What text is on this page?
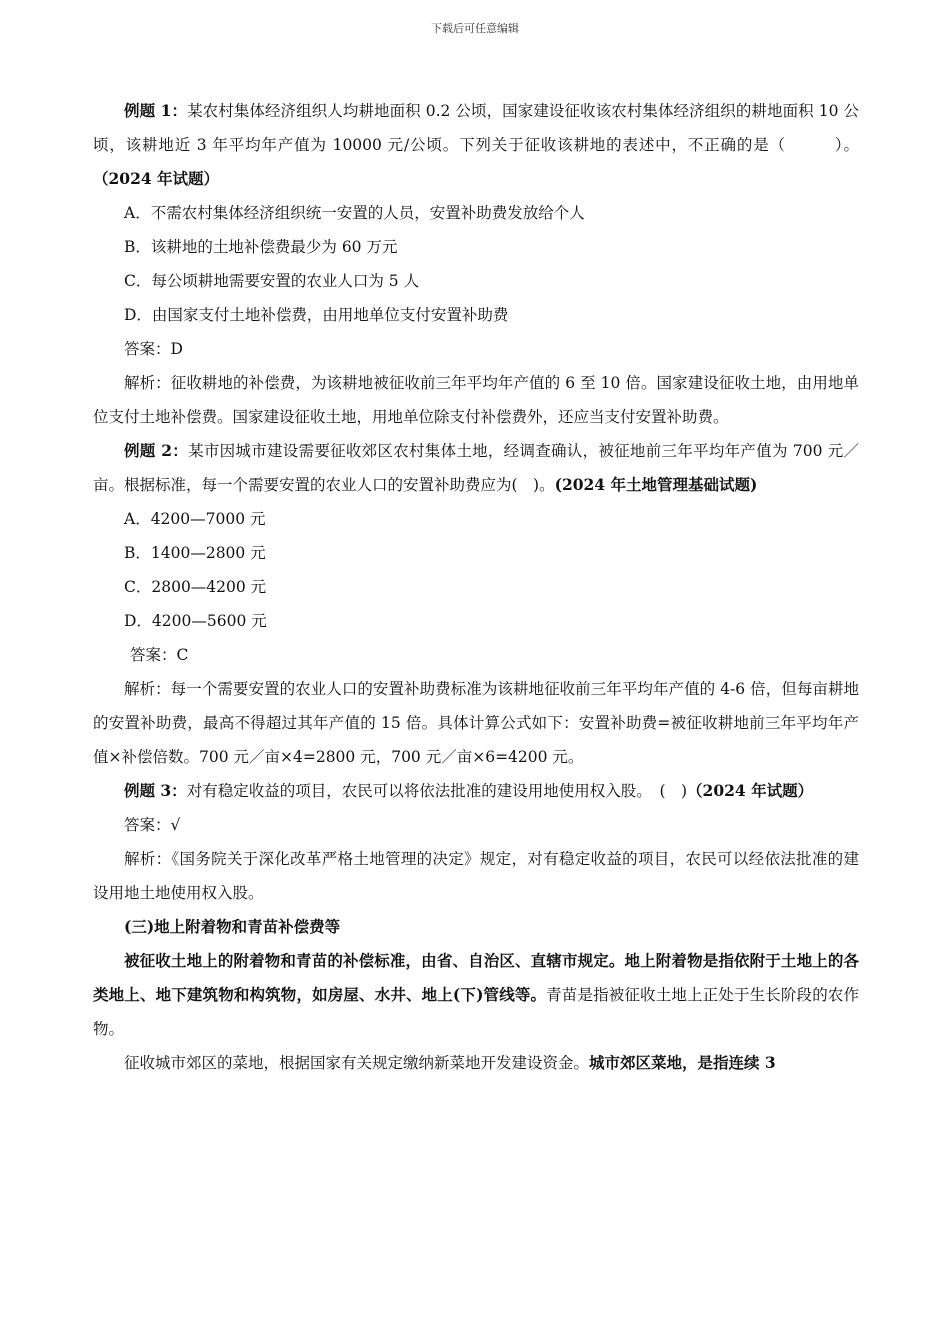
下载后可任意编辑

例题 1：某农村集体经济组织人均耕地面积 0.2 公顷，国家建设征收该农村集体经济组织的耕地面积 10 公顷，该耕地近 3 年平均年产值为 10000 元/公顷。下列关于征收该耕地的表述中，不正确的是（　　　）。（2024 年试题）

A．不需农村集体经济组织统一安置的人员，安置补助费发放给个人

B．该耕地的土地补偿费最少为 60 万元

C．每公顷耕地需要安置的农业人口为 5 人

D．由国家支付土地补偿费，由用地单位支付安置补助费

答案：D

解析：征收耕地的补偿费，为该耕地被征收前三年平均年产值的 6 至 10 倍。国家建设征收土地，由用地单位支付土地补偿费。国家建设征收土地，用地单位除支付补偿费外，还应当支付安置补助费。

例题 2：某市因城市建设需要征收郊区农村集体土地，经调查确认，被征地前三年平均年产值为 700 元／亩。根据标准，每一个需要安置的农业人口的安置补助费应为(　)。(2024 年土地管理基础试题)

A．4200—7000 元

B．1400—2800 元

C．2800—4200 元

D．4200—5600 元

答案：C

解析：每一个需要安置的农业人口的安置补助费标准为该耕地征收前三年平均年产值的 4-6 倍，但每亩耕地的安置补助费，最高不得超过其年产值的 15 倍。具体计算公式如下：安置补助费=被征收耕地前三年平均年产值×补偿倍数。700 元／亩×4=2800 元，700 元／亩×6=4200 元。

例题 3：对有稳定收益的项目，农民可以将依法批准的建设用地使用权入股。　(　)（2024 年试题）

答案：√

解析：《国务院关于深化改革严格土地管理的决定》规定，对有稳定收益的项目，农民可以经依法批准的建设用地土地使用权入股。

(三)地上附着物和青苗补偿费等

被征收土地上的附着物和青苗的补偿标准，由省、自治区、直辖市规定。地上附着物是指依附于土地上的各类地上、地下建筑物和构筑物，如房屋、水井、地上(下)管线等。青苗是指被征收土地上正处于生长阶段的农作物。

征收城市郊区的菜地，根据国家有关规定缴纳新菜地开发建设资金。城市郊区菜地，是指连续 3
